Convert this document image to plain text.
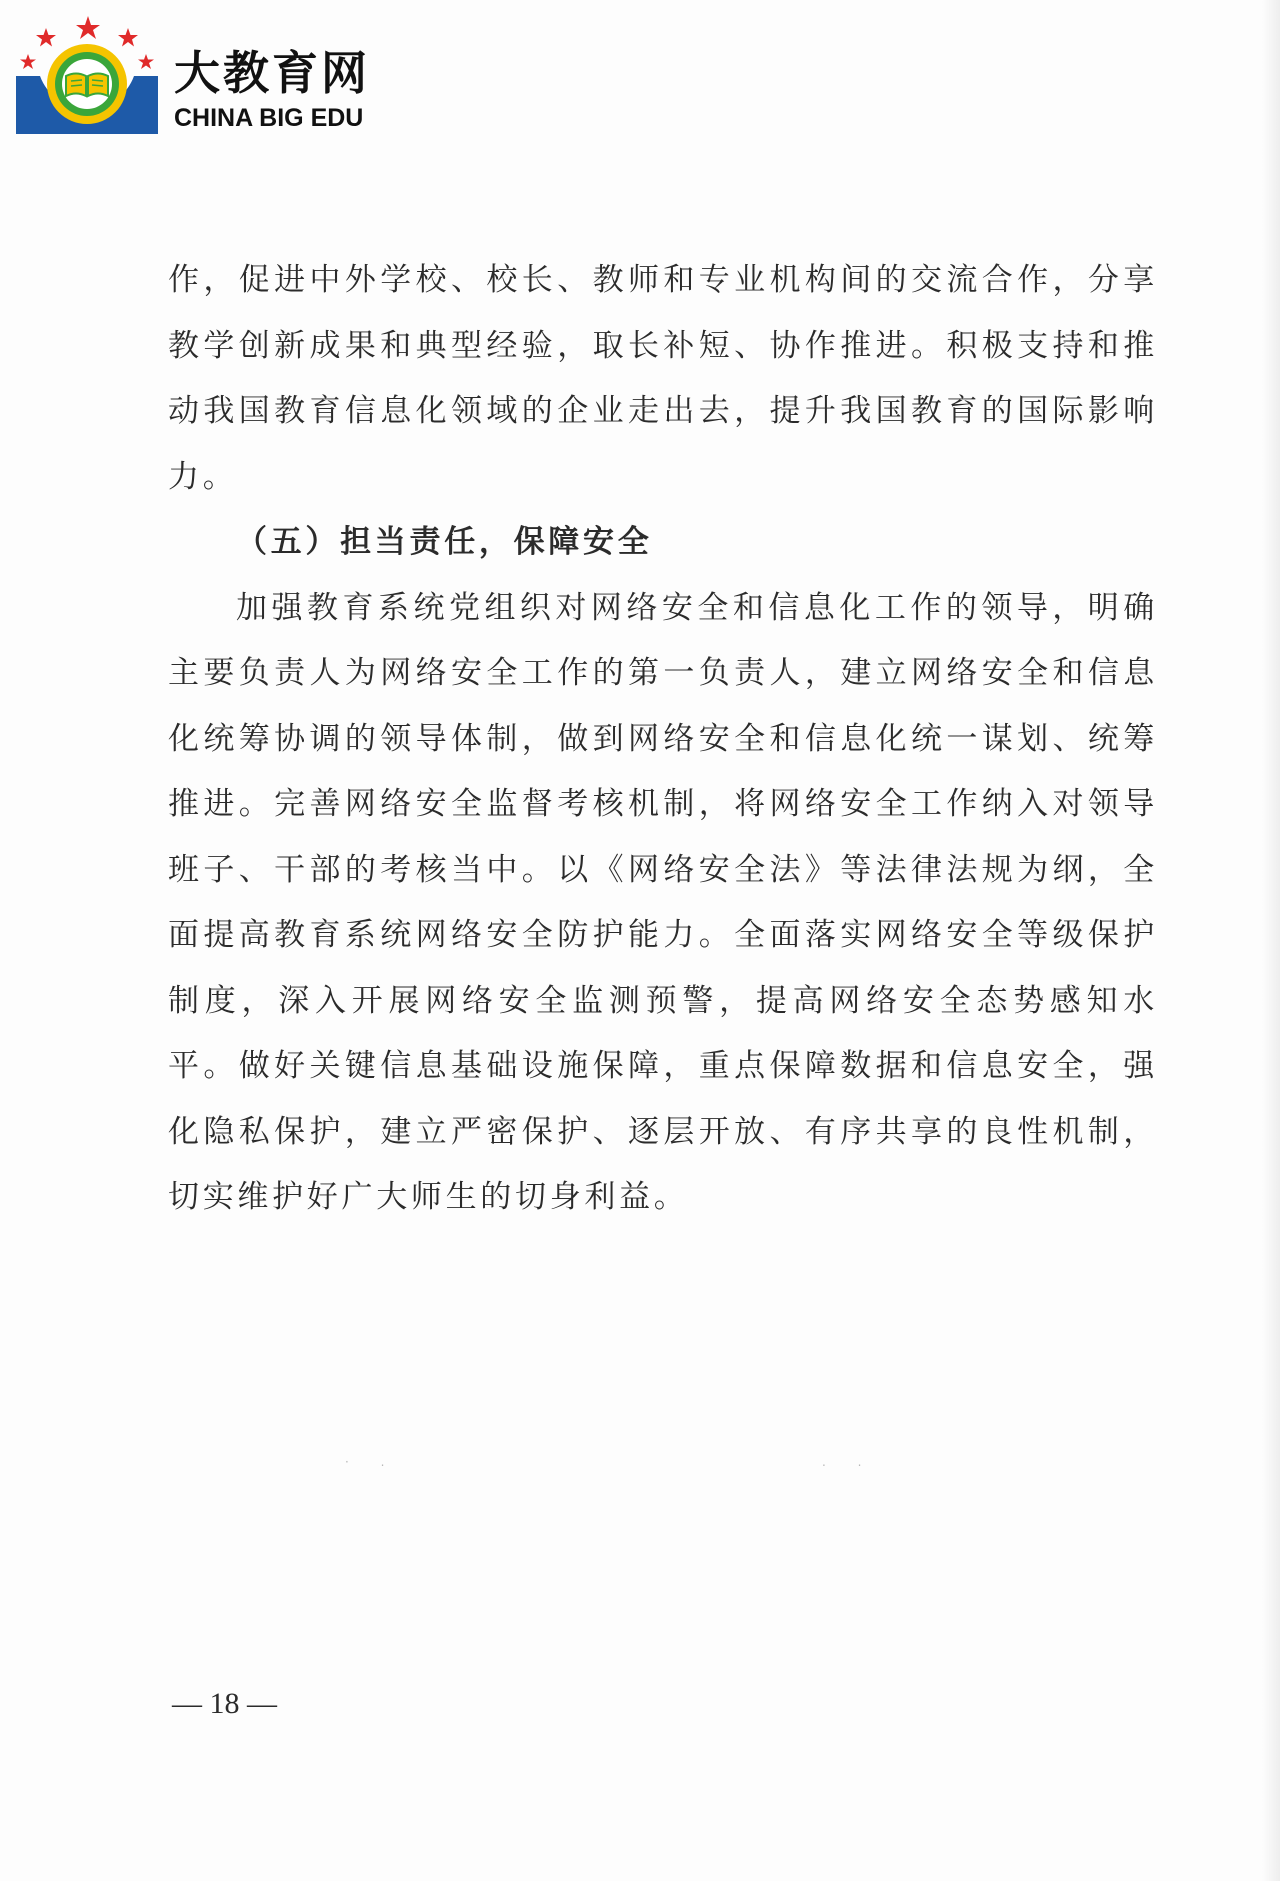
大教育网
CHINA BIG EDU

作，促进中外学校、校长、教师和专业机构间的交流合作，分享教学创新成果和典型经验，取长补短、协作推进。积极支持和推动我国教育信息化领域的企业走出去，提升我国教育的国际影响力。

（五）担当责任，保障安全

加强教育系统党组织对网络安全和信息化工作的领导，明确主要负责人为网络安全工作的第一负责人，建立网络安全和信息化统筹协调的领导体制，做到网络安全和信息化统一谋划、统筹推进。完善网络安全监督考核机制，将网络安全工作纳入对领导班子、干部的考核当中。以《网络安全法》等法律法规为纲，全面提高教育系统网络安全防护能力。全面落实网络安全等级保护制度，深入开展网络安全监测预警，提高网络安全态势感知水平。做好关键信息基础设施保障，重点保障数据和信息安全，强化隐私保护，建立严密保护、逐层开放、有序共享的良性机制，切实维护好广大师生的切身利益。

· .	. .
— 18 —
